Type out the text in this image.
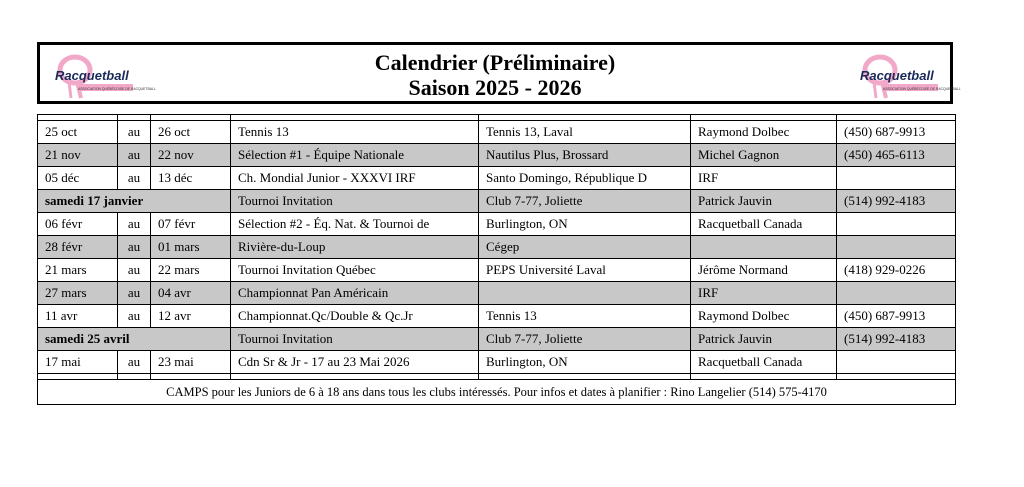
Racquetball
ASSOCIATION QUÉBÉCOISE DE RACQUETBALL
Calendrier (Préliminaire)
Saison 2025 - 2026	Racquetball
ASSOCIATION QUÉBÉCOISE DE RACQUETBALL

25 oct	au	26 oct	Tennis 13	Tennis 13, Laval	Raymond Dolbec	(450) 687-9913
21 nov	au	22 nov	Sélection #1 - Équipe Nationale	Nautilus Plus, Brossard	Michel Gagnon	(450) 465-6113
05 déc	au	13 déc	Ch. Mondial Junior - XXXVI IRF	Santo Domingo, République D	IRF	
samedi 17 janvier			Tournoi Invitation	Club 7-77, Joliette	Patrick Jauvin	(514) 992-4183
06 févr	au	07 févr	Sélection #2 - Éq. Nat. & Tournoi de	Burlington, ON	Racquetball Canada	
28 févr	au	01 mars	Rivière-du-Loup	Cégep		
21 mars	au	22 mars	Tournoi Invitation Québec	PEPS Université Laval	Jérôme Normand	(418) 929-0226
27 mars	au	04 avr	Championnat Pan Américain		IRF	
11 avr	au	12 avr	Championnat.Qc/Double & Qc.Jr	Tennis 13	Raymond Dolbec	(450) 687-9913
samedi 25 avril			Tournoi Invitation	Club 7-77, Joliette	Patrick Jauvin	(514) 992-4183
17 mai	au	23 mai	Cdn Sr & Jr - 17 au 23 Mai 2026	Burlington, ON	Racquetball Canada	

CAMPS pour les Juniors de 6 à 18 ans dans tous les clubs intéressés. Pour infos et dates à planifier : Rino Langelier (514) 575-4170						
